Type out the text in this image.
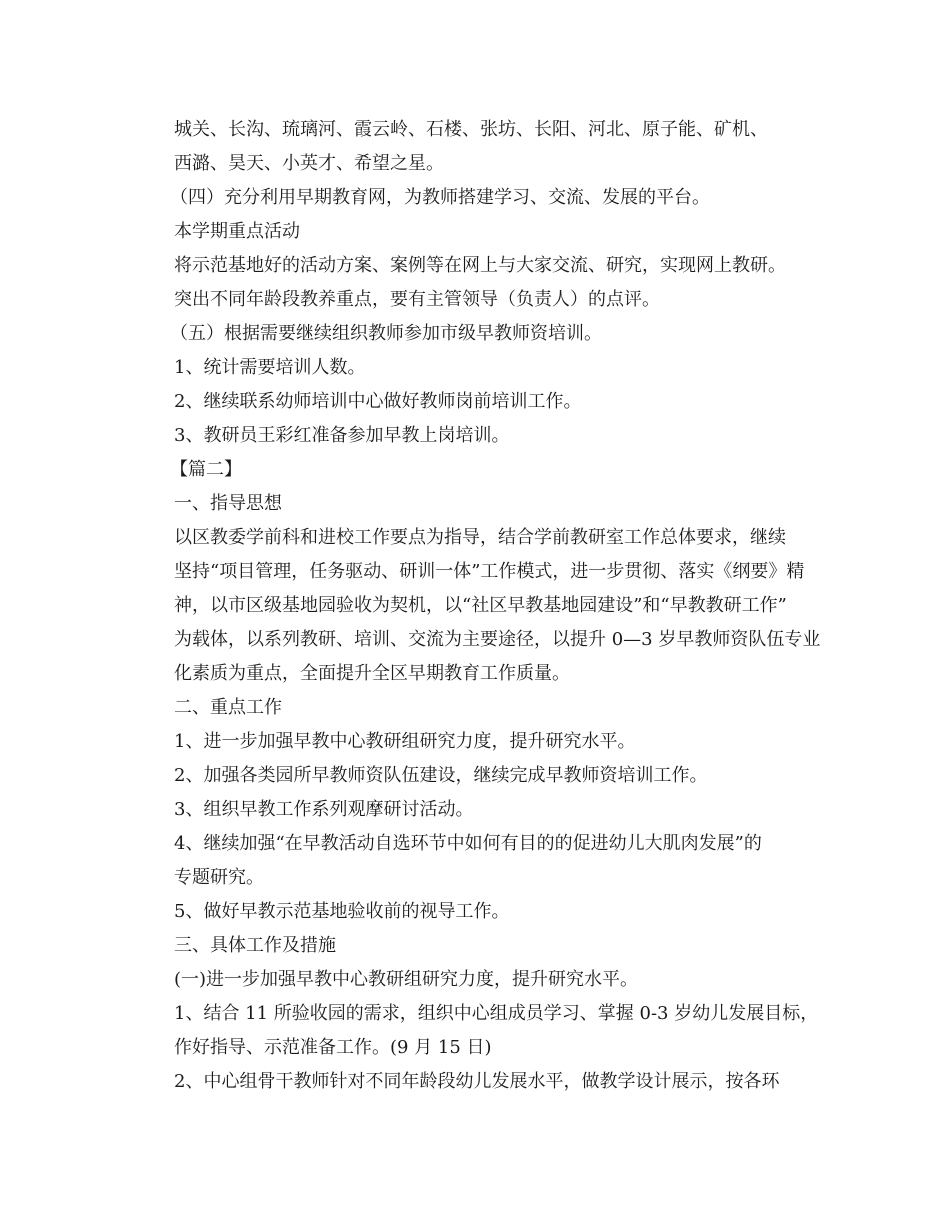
城关、长沟、琉璃河、霞云岭、石楼、张坊、长阳、河北、原子能、矿机、
西潞、昊天、小英才、希望之星。
（四）充分利用早期教育网，为教师搭建学习、交流、发展的平台。
本学期重点活动
将示范基地好的活动方案、案例等在网上与大家交流、研究，实现网上教研。
突出不同年龄段教养重点，要有主管领导（负责人）的点评。
（五）根据需要继续组织教师参加市级早教师资培训。
1、统计需要培训人数。
2、继续联系幼师培训中心做好教师岗前培训工作。
3、教研员王彩红准备参加早教上岗培训。
【篇二】
一、指导思想
以区教委学前科和进校工作要点为指导，结合学前教研室工作总体要求，继续
坚持“项目管理，任务驱动、研训一体”工作模式，进一步贯彻、落实《纲要》精
神，以市区级基地园验收为契机，以“社区早教基地园建设”和“早教教研工作”
为载体，以系列教研、培训、交流为主要途径，以提升 0—3 岁早教师资队伍专业
化素质为重点，全面提升全区早期教育工作质量。
二、重点工作
1、进一步加强早教中心教研组研究力度，提升研究水平。
2、加强各类园所早教师资队伍建设，继续完成早教师资培训工作。
3、组织早教工作系列观摩研讨活动。
4、继续加强“在早教活动自选环节中如何有目的的促进幼儿大肌肉发展”的
专题研究。
5、做好早教示范基地验收前的视导工作。
三、具体工作及措施
(一)进一步加强早教中心教研组研究力度，提升研究水平。
1、结合 11 所验收园的需求，组织中心组成员学习、掌握 0-3 岁幼儿发展目标，
作好指导、示范准备工作。(9 月 15 日)
2、中心组骨干教师针对不同年龄段幼儿发展水平，做教学设计展示，按各环
